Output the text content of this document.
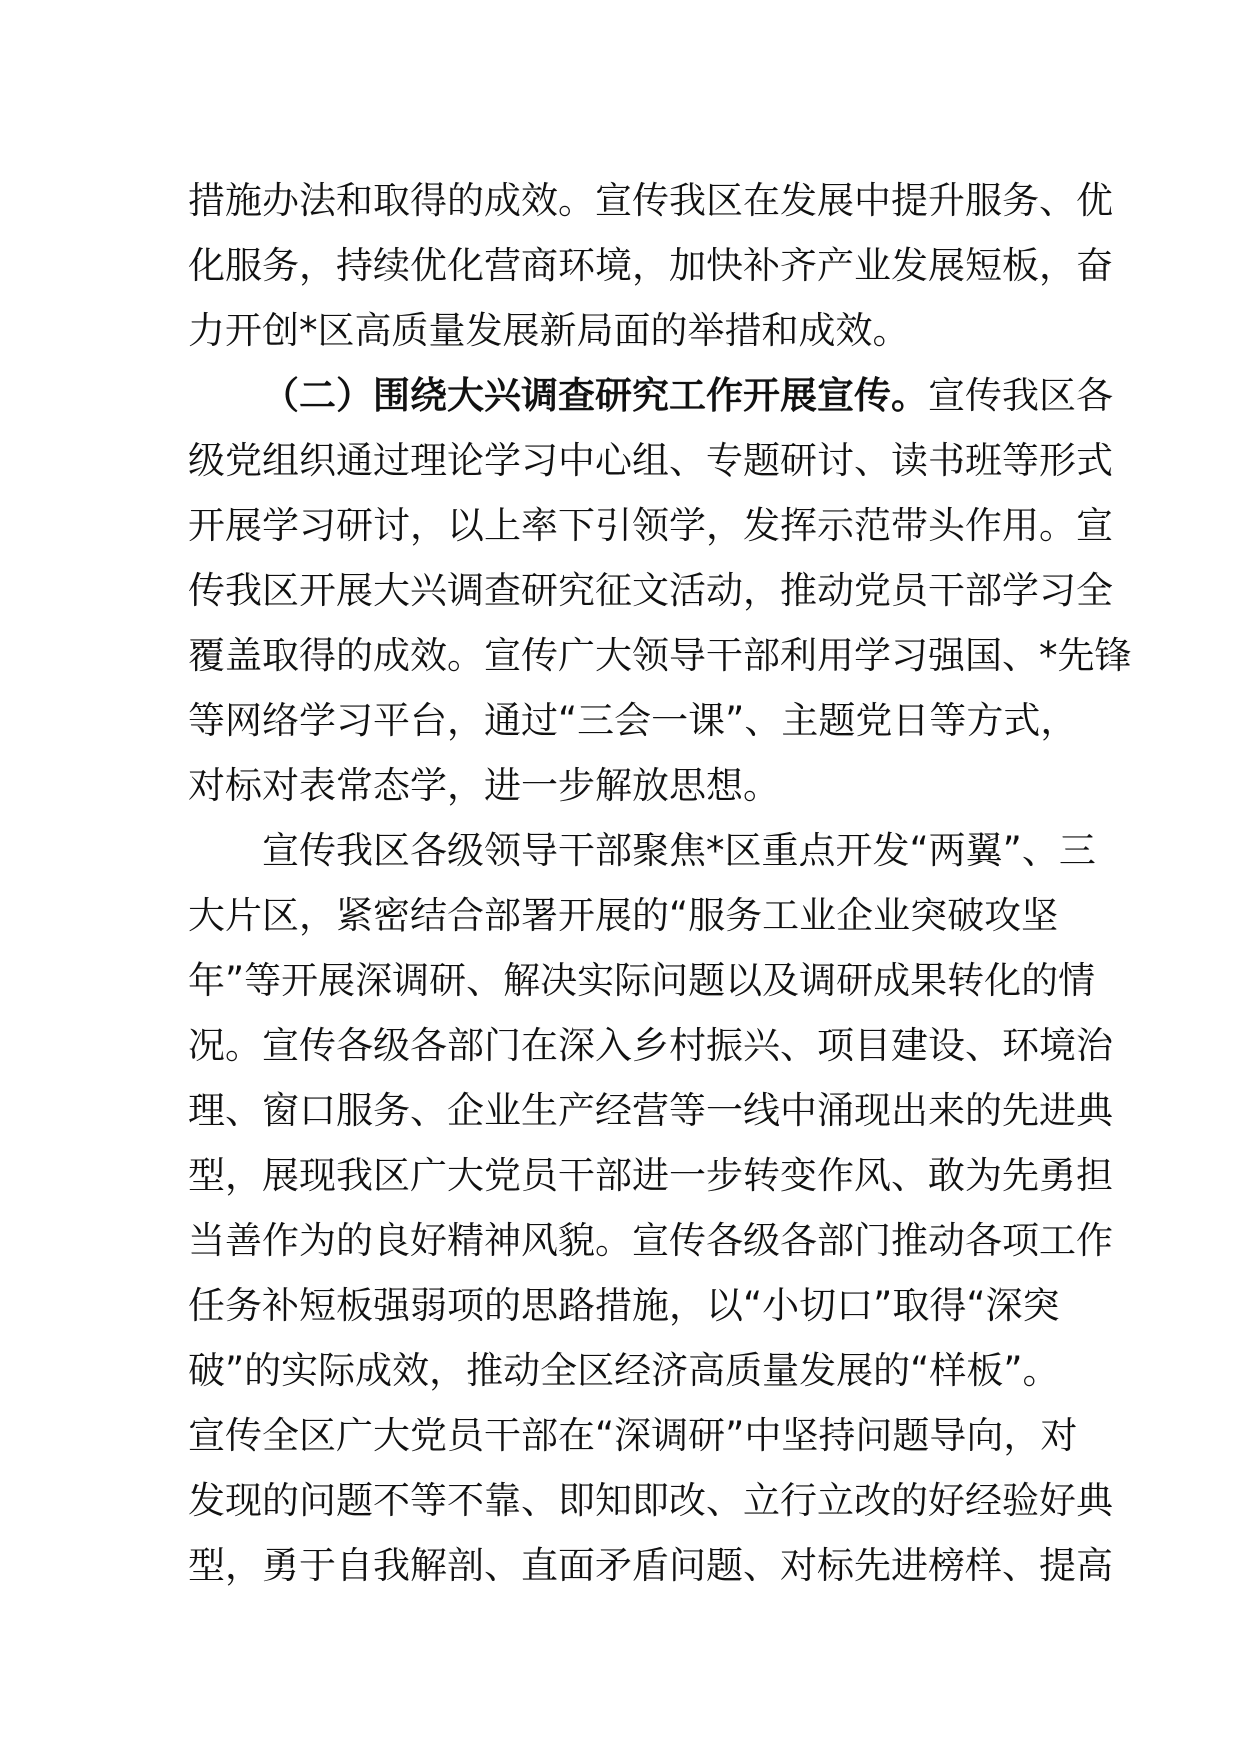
措施办法和取得的成效。宣传我区在发展中提升服务、优
化服务，持续优化营商环境，加快补齐产业发展短板，奋
力开创*区高质量发展新局面的举措和成效。
（二）围绕大兴调查研究工作开展宣传。宣传我区各
级党组织通过理论学习中心组、专题研讨、读书班等形式
开展学习研讨，以上率下引领学，发挥示范带头作用。宣
传我区开展大兴调查研究征文活动，推动党员干部学习全
覆盖取得的成效。宣传广大领导干部利用学习强国、*先锋
等网络学习平台，通过“三会一课”、主题党日等方式，
对标对表常态学，进一步解放思想。
宣传我区各级领导干部聚焦*区重点开发“两翼”、三
大片区，紧密结合部署开展的“服务工业企业突破攻坚
年”等开展深调研、解决实际问题以及调研成果转化的情
况。宣传各级各部门在深入乡村振兴、项目建设、环境治
理、窗口服务、企业生产经营等一线中涌现出来的先进典
型，展现我区广大党员干部进一步转变作风、敢为先勇担
当善作为的良好精神风貌。宣传各级各部门推动各项工作
任务补短板强弱项的思路措施，以“小切口”取得“深突
破”的实际成效，推动全区经济高质量发展的“样板”。
宣传全区广大党员干部在“深调研”中坚持问题导向，对
发现的问题不等不靠、即知即改、立行立改的好经验好典
型，勇于自我解剖、直面矛盾问题、对标先进榜样、提高
